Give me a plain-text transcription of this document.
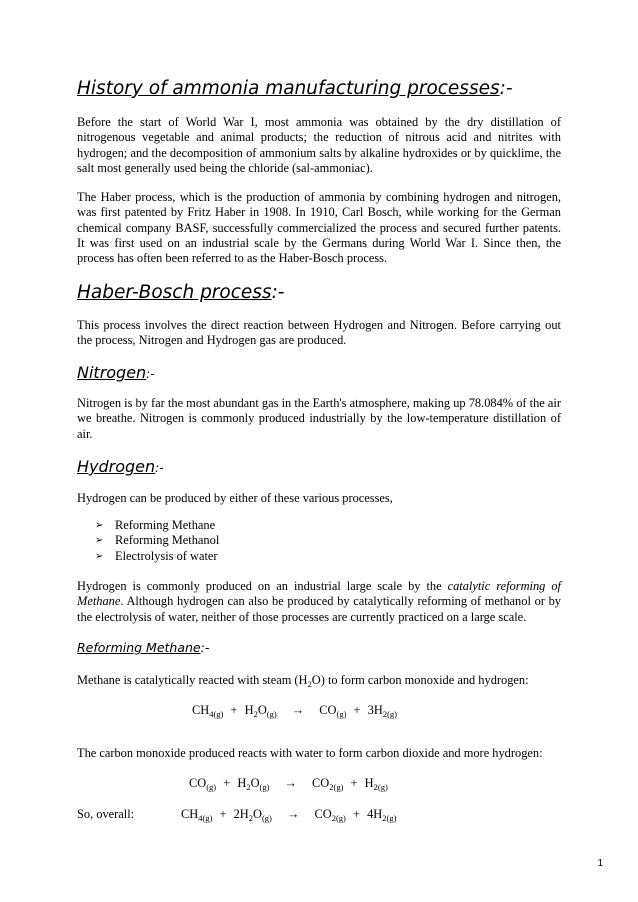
History of ammonia manufacturing processes:-
Before the start of World War I, most ammonia was obtained by the dry distillation of nitrogenous vegetable and animal products; the reduction of nitrous acid and nitrites with hydrogen; and the decomposition of ammonium salts by alkaline hydroxides or by quicklime, the salt most generally used being the chloride (sal-ammoniac).
The Haber process, which is the production of ammonia by combining hydrogen and nitrogen, was first patented by Fritz Haber in 1908. In 1910, Carl Bosch, while working for the German chemical company BASF, successfully commercialized the process and secured further patents. It was first used on an industrial scale by the Germans during World War I. Since then, the process has often been referred to as the Haber-Bosch process.
Haber-Bosch process:-
This process involves the direct reaction between Hydrogen and Nitrogen. Before carrying out the process, Nitrogen and Hydrogen gas are produced.
Nitrogen:-
Nitrogen is by far the most abundant gas in the Earth's atmosphere, making up 78.084% of the air we breathe. Nitrogen is commonly produced industrially by the low-temperature distillation of air.
Hydrogen:-
Hydrogen can be produced by either of these various processes,
➢ Reforming Methane
➢ Reforming Methanol
➢ Electrolysis of water
Hydrogen is commonly produced on an industrial large scale by the catalytic reforming of Methane. Although hydrogen can also be produced by catalytically reforming of methanol or by the electrolysis of water, neither of those processes are currently practiced on a large scale.
Reforming Methane:-
Methane is catalytically reacted with steam $(H_2O)$ to form carbon monoxide and hydrogen:
$CH_{4(g)} + H_2O_{(g)} \to CO_{(g)} + 3H_{2(g)}$
The carbon monoxide produced reacts with water to form carbon dioxide and more hydrogen:
$CO_{(g)} + H_2O_{(g)} \to CO_{2(g)} + H_{2(g)}$
So, overall:	$CH_{4(g)} + 2H_2O_{(g)} \to CO_{2(g)} + 4H_{2(g)}$
1
